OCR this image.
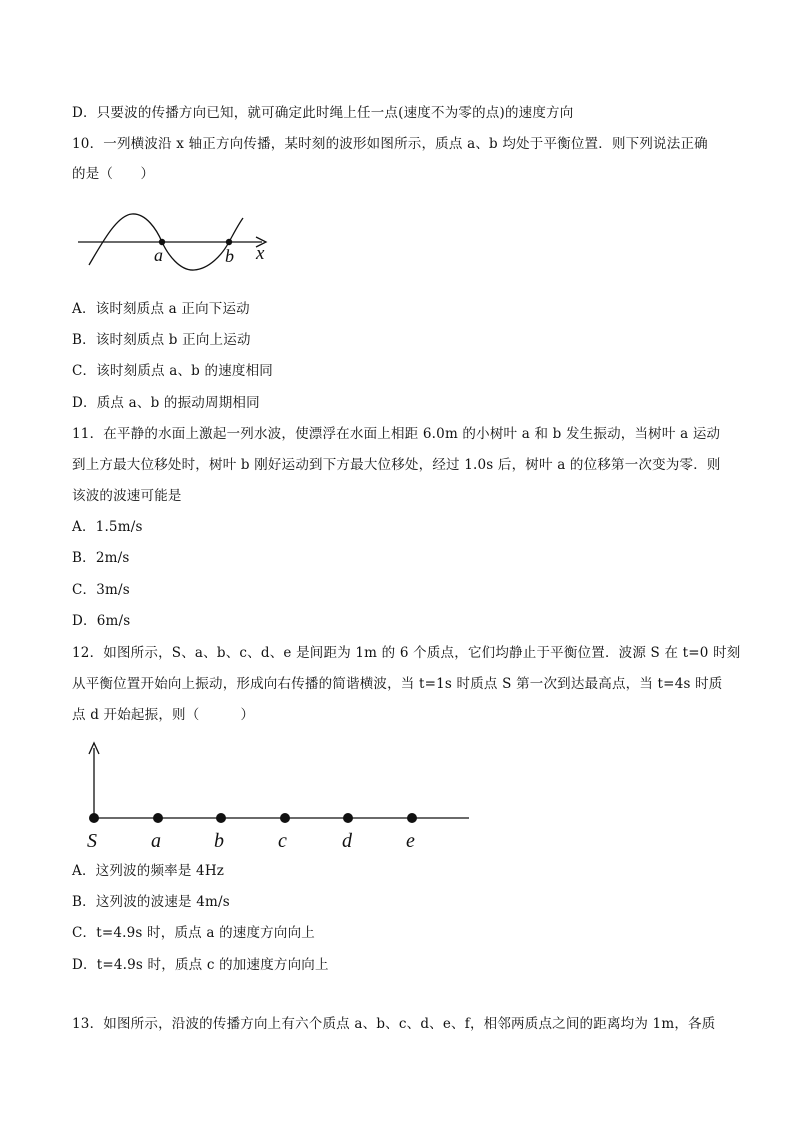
D．只要波的传播方向已知，就可确定此时绳上任一点(速度不为零的点)的速度方向
10．一列横波沿 x 轴正方向传播，某时刻的波形如图所示，质点 a、b 均处于平衡位置．则下列说法正确
的是（　　）
a	b x
A．该时刻质点 a 正向下运动
B．该时刻质点 b 正向上运动
C．该时刻质点 a、b 的速度相同
D．质点 a、b 的振动周期相同
11．在平静的水面上激起一列水波，使漂浮在水面上相距 6.0m 的小树叶 a 和 b 发生振动，当树叶 a 运动
到上方最大位移处时，树叶 b 刚好运动到下方最大位移处，经过 1.0s 后，树叶 a 的位移第一次变为零．则
该波的波速可能是
A．1.5m/s
B．2m/s
C．3m/s
D．6m/s
12．如图所示，S、a、b、c、d、e 是间距为 1m 的 6 个质点，它们均静止于平衡位置．波源 S 在 t=0 时刻
从平衡位置开始向上振动，形成向右传播的简谐横波，当 t=1s 时质点 S 第一次到达最高点，当 t=4s 时质
点 d 开始起振，则（　　　）
S	a	b	c	d	e
A．这列波的频率是 4Hz
B．这列波的波速是 4m/s
C．t=4.9s 时，质点 a 的速度方向向上
D．t=4.9s 时，质点 c 的加速度方向向上
13．如图所示，沿波的传播方向上有六个质点 a、b、c、d、e、f，相邻两质点之间的距离均为 1m，各质
